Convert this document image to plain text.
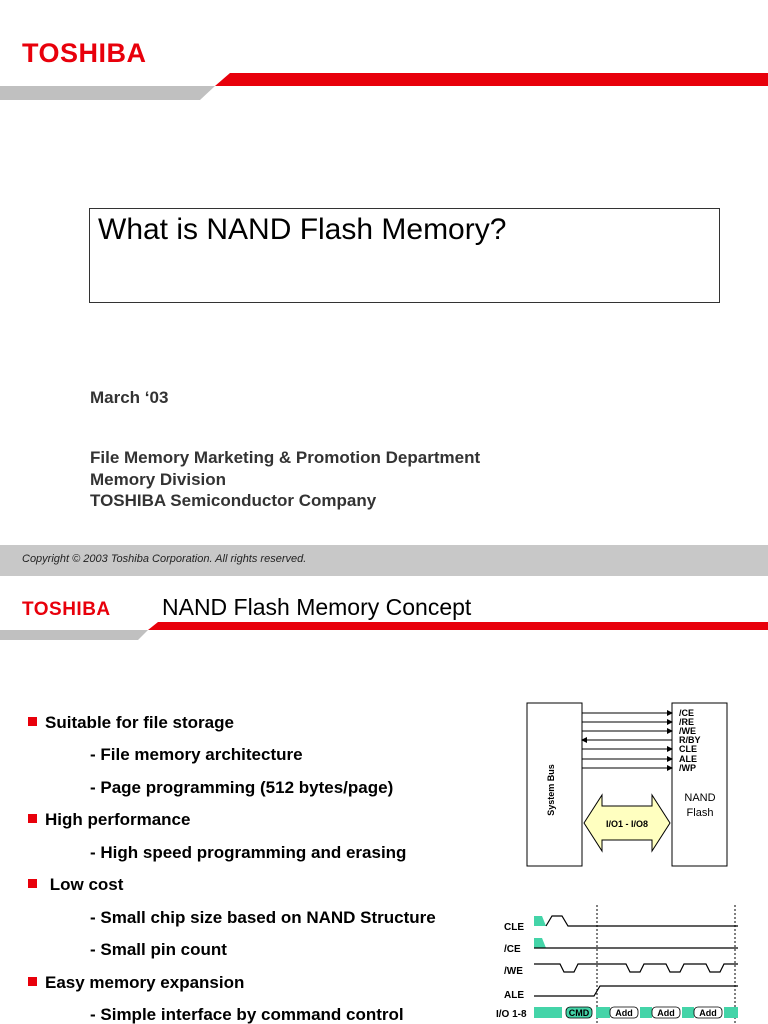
TOSHIBA
What is NAND Flash Memory?
March ‘03
File Memory Marketing & Promotion Department
Memory Division
TOSHIBA Semiconductor Company
Copyright © 2003 Toshiba Corporation. All rights reserved.
TOSHIBA NAND Flash Memory Concept
Suitable for file storage
- File memory architecture
- Page programming (512 bytes/page)
High performance
- High speed programming and erasing
Low cost
- Small chip size based on NAND Structure
- Small pin count
Easy memory expansion
- Simple interface by command control
System Bus
/CE
/RE
/WE
R/BY
CLE
ALE
/WP
NAND
Flash
I/O1 - I/O8
CLE
/CE
/WE
ALE
I/O 1-8	CMD	Add	Add	Add
